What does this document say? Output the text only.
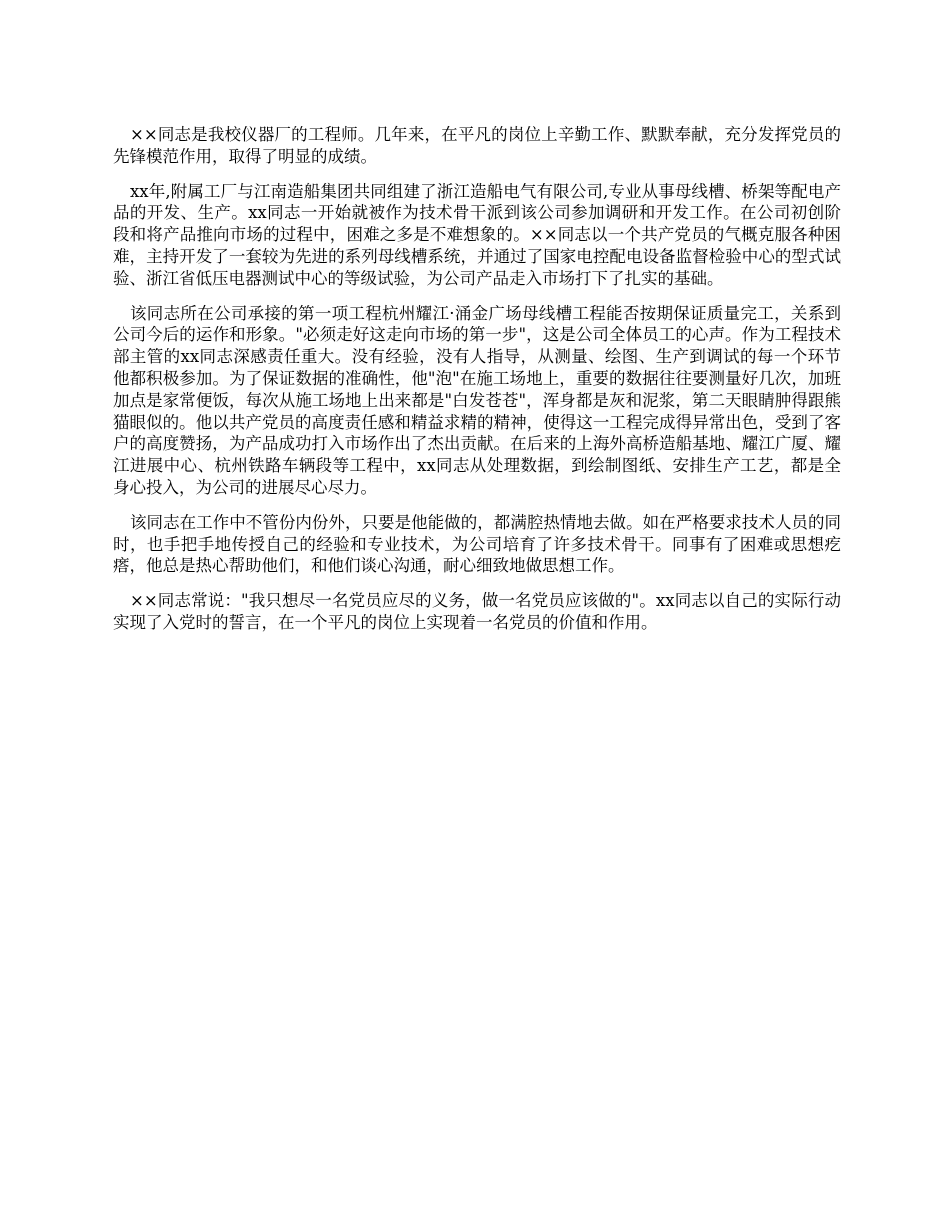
××同志是我校仪器厂的工程师。几年来，在平凡的岗位上辛勤工作、默默奉献，充分发挥党员的先锋模范作用，取得了明显的成绩。

xx年,附属工厂与江南造船集团共同组建了浙江造船电气有限公司,专业从事母线槽、桥架等配电产品的开发、生产。xx同志一开始就被作为技术骨干派到该公司参加调研和开发工作。在公司初创阶段和将产品推向市场的过程中，困难之多是不难想象的。××同志以一个共产党员的气概克服各种困难，主持开发了一套较为先进的系列母线槽系统，并通过了国家电控配电设备监督检验中心的型式试验、浙江省低压电器测试中心的等级试验，为公司产品走入市场打下了扎实的基础。

该同志所在公司承接的第一项工程杭州耀江·涌金广场母线槽工程能否按期保证质量完工，关系到公司今后的运作和形象。"必须走好这走向市场的第一步"，这是公司全体员工的心声。作为工程技术部主管的xx同志深感责任重大。没有经验，没有人指导，从测量、绘图、生产到调试的每一个环节他都积极参加。为了保证数据的准确性，他"泡"在施工场地上，重要的数据往往要测量好几次，加班加点是家常便饭，每次从施工场地上出来都是"白发苍苍"，浑身都是灰和泥浆，第二天眼睛肿得跟熊猫眼似的。他以共产党员的高度责任感和精益求精的精神，使得这一工程完成得异常出色，受到了客户的高度赞扬，为产品成功打入市场作出了杰出贡献。在后来的上海外高桥造船基地、耀江广厦、耀江进展中心、杭州铁路车辆段等工程中，xx同志从处理数据，到绘制图纸、安排生产工艺，都是全身心投入，为公司的进展尽心尽力。

该同志在工作中不管份内份外，只要是他能做的，都满腔热情地去做。如在严格要求技术人员的同时，也手把手地传授自己的经验和专业技术，为公司培育了许多技术骨干。同事有了困难或思想疙瘩，他总是热心帮助他们，和他们谈心沟通，耐心细致地做思想工作。

××同志常说："我只想尽一名党员应尽的义务，做一名党员应该做的"。xx同志以自己的实际行动实现了入党时的誓言，在一个平凡的岗位上实现着一名党员的价值和作用。
